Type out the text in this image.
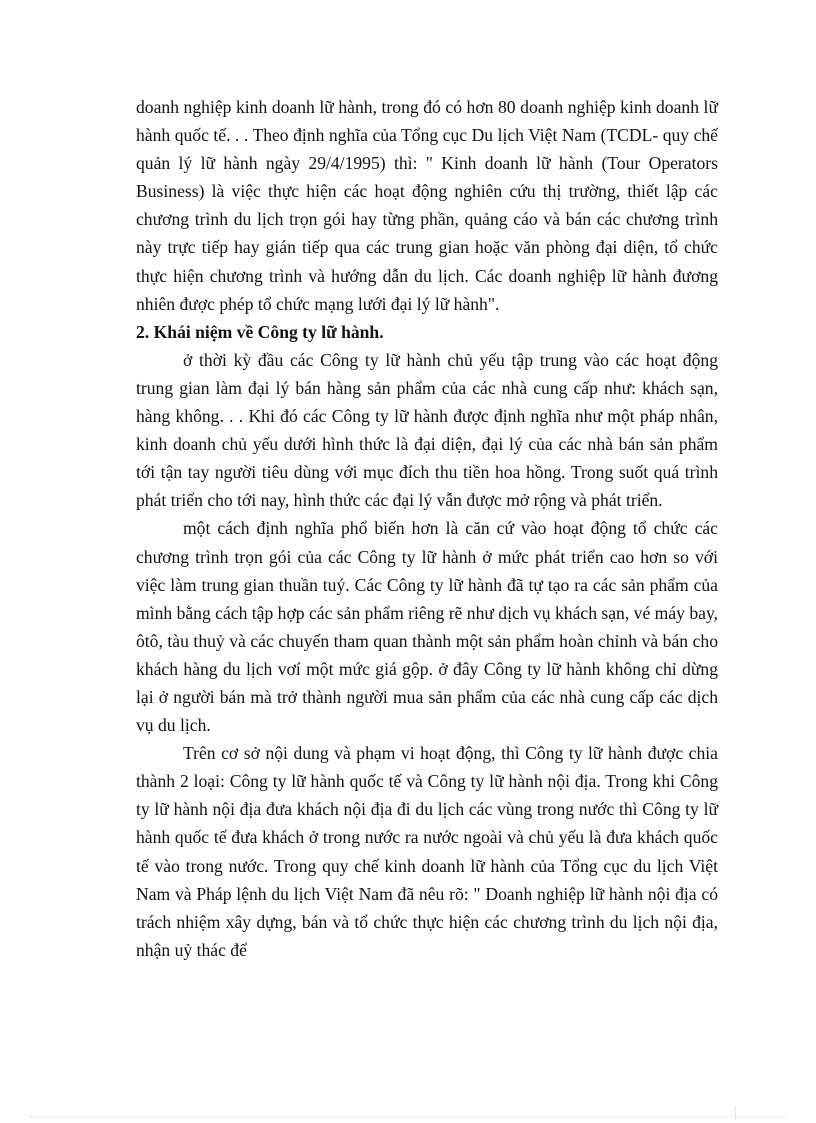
doanh nghiệp kinh doanh lữ hành, trong đó có hơn 80 doanh nghiệp kinh doanh lữ hành quốc tế. . . Theo định nghĩa của Tổng cục Du lịch Việt Nam (TCDL- quy chế quản lý lữ hành ngày 29/4/1995) thì: " Kinh doanh lữ hành (Tour Operators Business) là việc thực hiện các hoạt động nghiên cứu thị trường, thiết lập các chương trình du lịch trọn gói hay từng phần, quảng cáo và bán các chương trình này trực tiếp hay gián tiếp qua các trung gian hoặc văn phòng đại diện, tổ chức thực hiện chương trình và hướng dẫn du lịch. Các doanh nghiệp lữ hành đương nhiên được phép tổ chức mạng lưới đại lý lữ hành".

2. Khái niệm về Công ty lữ hành.

ở thời kỳ đầu các Công ty lữ hành chủ yếu tập trung vào các hoạt động trung gian làm đại lý bán hàng sản phẩm của các nhà cung cấp như: khách sạn, hàng không. . . Khi đó các Công ty lữ hành được định nghĩa như một pháp nhân, kinh doanh chủ yếu dưới hình thức là đại diện, đại lý của các nhà bán sản phẩm tới tận tay người tiêu dùng với mục đích thu tiền hoa hồng. Trong suốt quá trình phát triển cho tới nay, hình thức các đại lý vẫn được mở rộng và phát triển.

một cách định nghĩa phổ biến hơn là căn cứ vào hoạt động tổ chức các chương trình trọn gói của các Công ty lữ hành ở mức phát triển cao hơn so với việc làm trung gian thuần tuý. Các Công ty lữ hành đã tự tạo ra các sản phẩm của mình bằng cách tập hợp các sản phẩm riêng rẽ như dịch vụ khách sạn, vé máy bay, ôtô, tàu thuỷ và các chuyến tham quan thành một sản phẩm hoàn chỉnh và bán cho khách hàng du lịch vơí một mức giá gộp. ở đây Công ty lữ hành không chỉ dừng lại ở người bán mà trở thành người mua sản phẩm của các nhà cung cấp các dịch vụ du lịch.

Trên cơ sở nội dung và phạm vi hoạt động, thì Công ty lữ hành được chia thành 2 loại: Công ty lữ hành quốc tế và Công ty lữ hành nội địa. Trong khi Công ty lữ hành nội địa đưa khách nội địa đi du lịch các vùng trong nước thì Công ty lữ hành quốc tế đưa khách ở trong nước ra nước ngoài và chủ yếu là đưa khách quốc tế vào trong nước. Trong quy chế kinh doanh lữ hành của Tổng cục du lịch Việt Nam và Pháp lệnh du lịch Việt Nam đã nêu rõ: " Doanh nghiệp lữ hành nội địa có trách nhiệm xây dựng, bán và tổ chức thực hiện các chương trình du lịch nội địa, nhận uỷ thác để
